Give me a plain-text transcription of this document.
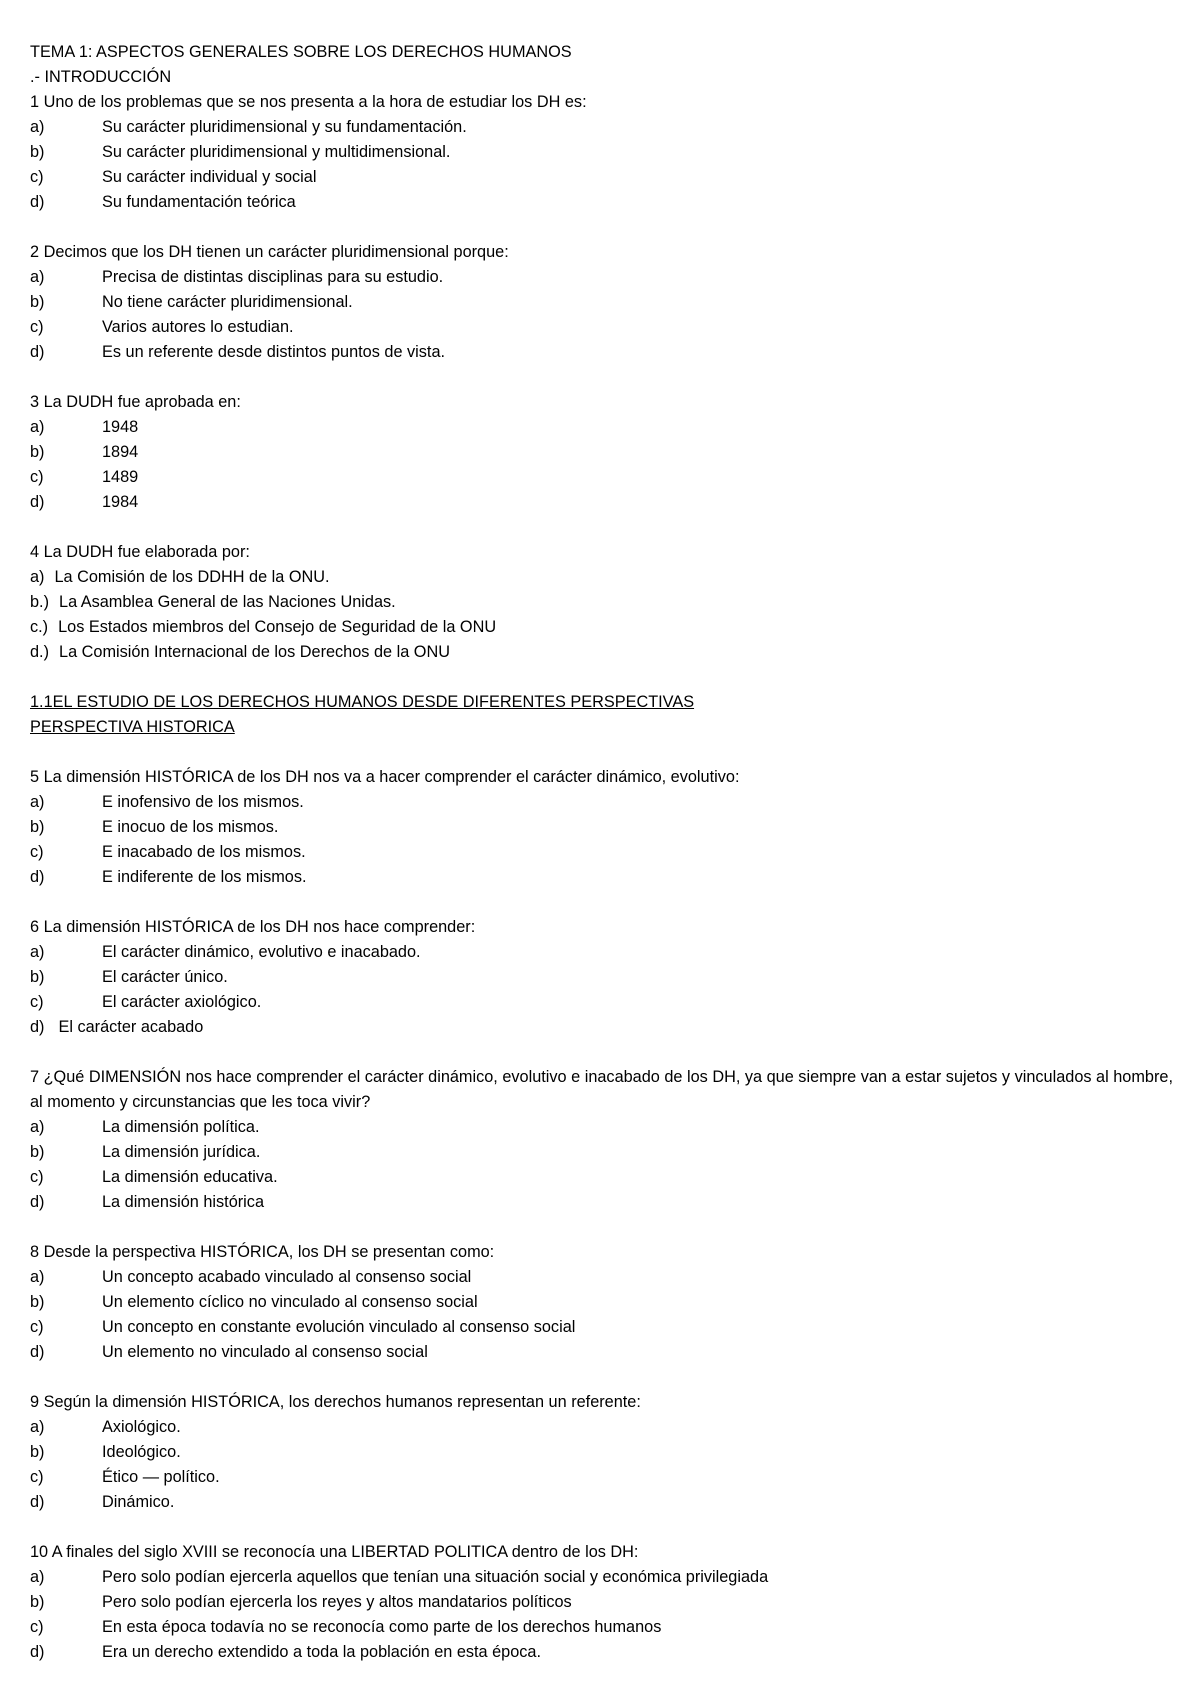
TEMA 1: ASPECTOS GENERALES SOBRE LOS DERECHOS HUMANOS
.- INTRODUCCIÓN
1 Uno de los problemas que se nos presenta a la hora de estudiar los DH es:
a)	Su carácter pluridimensional y su fundamentación.
b)	Su carácter pluridimensional y multidimensional.
c)	Su carácter individual y social
d)	Su fundamentación teórica
2 Decimos que los DH tienen un carácter pluridimensional porque:
a)	Precisa de distintas disciplinas para su estudio.
b)	No tiene carácter pluridimensional.
c)	Varios autores lo estudian.
d)	Es un referente desde distintos puntos de vista.
3 La DUDH fue aprobada en:
a)	1948
b)	1894
c)	1489
d)	1984
4 La DUDH fue elaborada por:
a) La Comisión de los DDHH de la ONU.
b.) La Asamblea General de las Naciones Unidas.
c.) Los Estados miembros del Consejo de Seguridad de la ONU
d.) La Comisión Internacional de los Derechos de la ONU
1.1EL ESTUDIO DE LOS DERECHOS HUMANOS DESDE DIFERENTES PERSPECTIVAS
PERSPECTIVA HISTORICA
5 La dimensión HISTÓRICA de los DH nos va a hacer comprender el carácter dinámico, evolutivo:
a)	E inofensivo de los mismos.
b)	E inocuo de los mismos.
c)	E inacabado de los mismos.
d)	E indiferente de los mismos.
6 La dimensión HISTÓRICA de los DH nos hace comprender:
a)	El carácter dinámico, evolutivo e inacabado.
b)	El carácter único.
c)	El carácter axiológico.
d) El carácter acabado
7 ¿Qué DIMENSIÓN nos hace comprender el carácter dinámico, evolutivo e inacabado de los DH, ya que siempre van a estar sujetos y vinculados al hombre, al momento y circunstancias que les toca vivir?
a)	La dimensión política.
b)	La dimensión jurídica.
c)	La dimensión educativa.
d)	La dimensión histórica
8 Desde la perspectiva HISTÓRICA, los DH se presentan como:
a)	Un concepto acabado vinculado al consenso social
b)	Un elemento cíclico no vinculado al consenso social
c)	Un concepto en constante evolución vinculado al consenso social
d)	Un elemento no vinculado al consenso social
9 Según la dimensión HISTÓRICA, los derechos humanos representan un referente:
a)	Axiológico.
b)	Ideológico.
c)	Ético — político.
d)	Dinámico.
10 A finales del siglo XVIII se reconocía una LIBERTAD POLITICA dentro de los DH:
a)	Pero solo podían ejercerla aquellos que tenían una situación social y económica privilegiada
b)	Pero solo podían ejercerla los reyes y altos mandatarios políticos
c)	En esta época todavía no se reconocía como parte de los derechos humanos
d)	Era un derecho extendido a toda la población en esta época.
